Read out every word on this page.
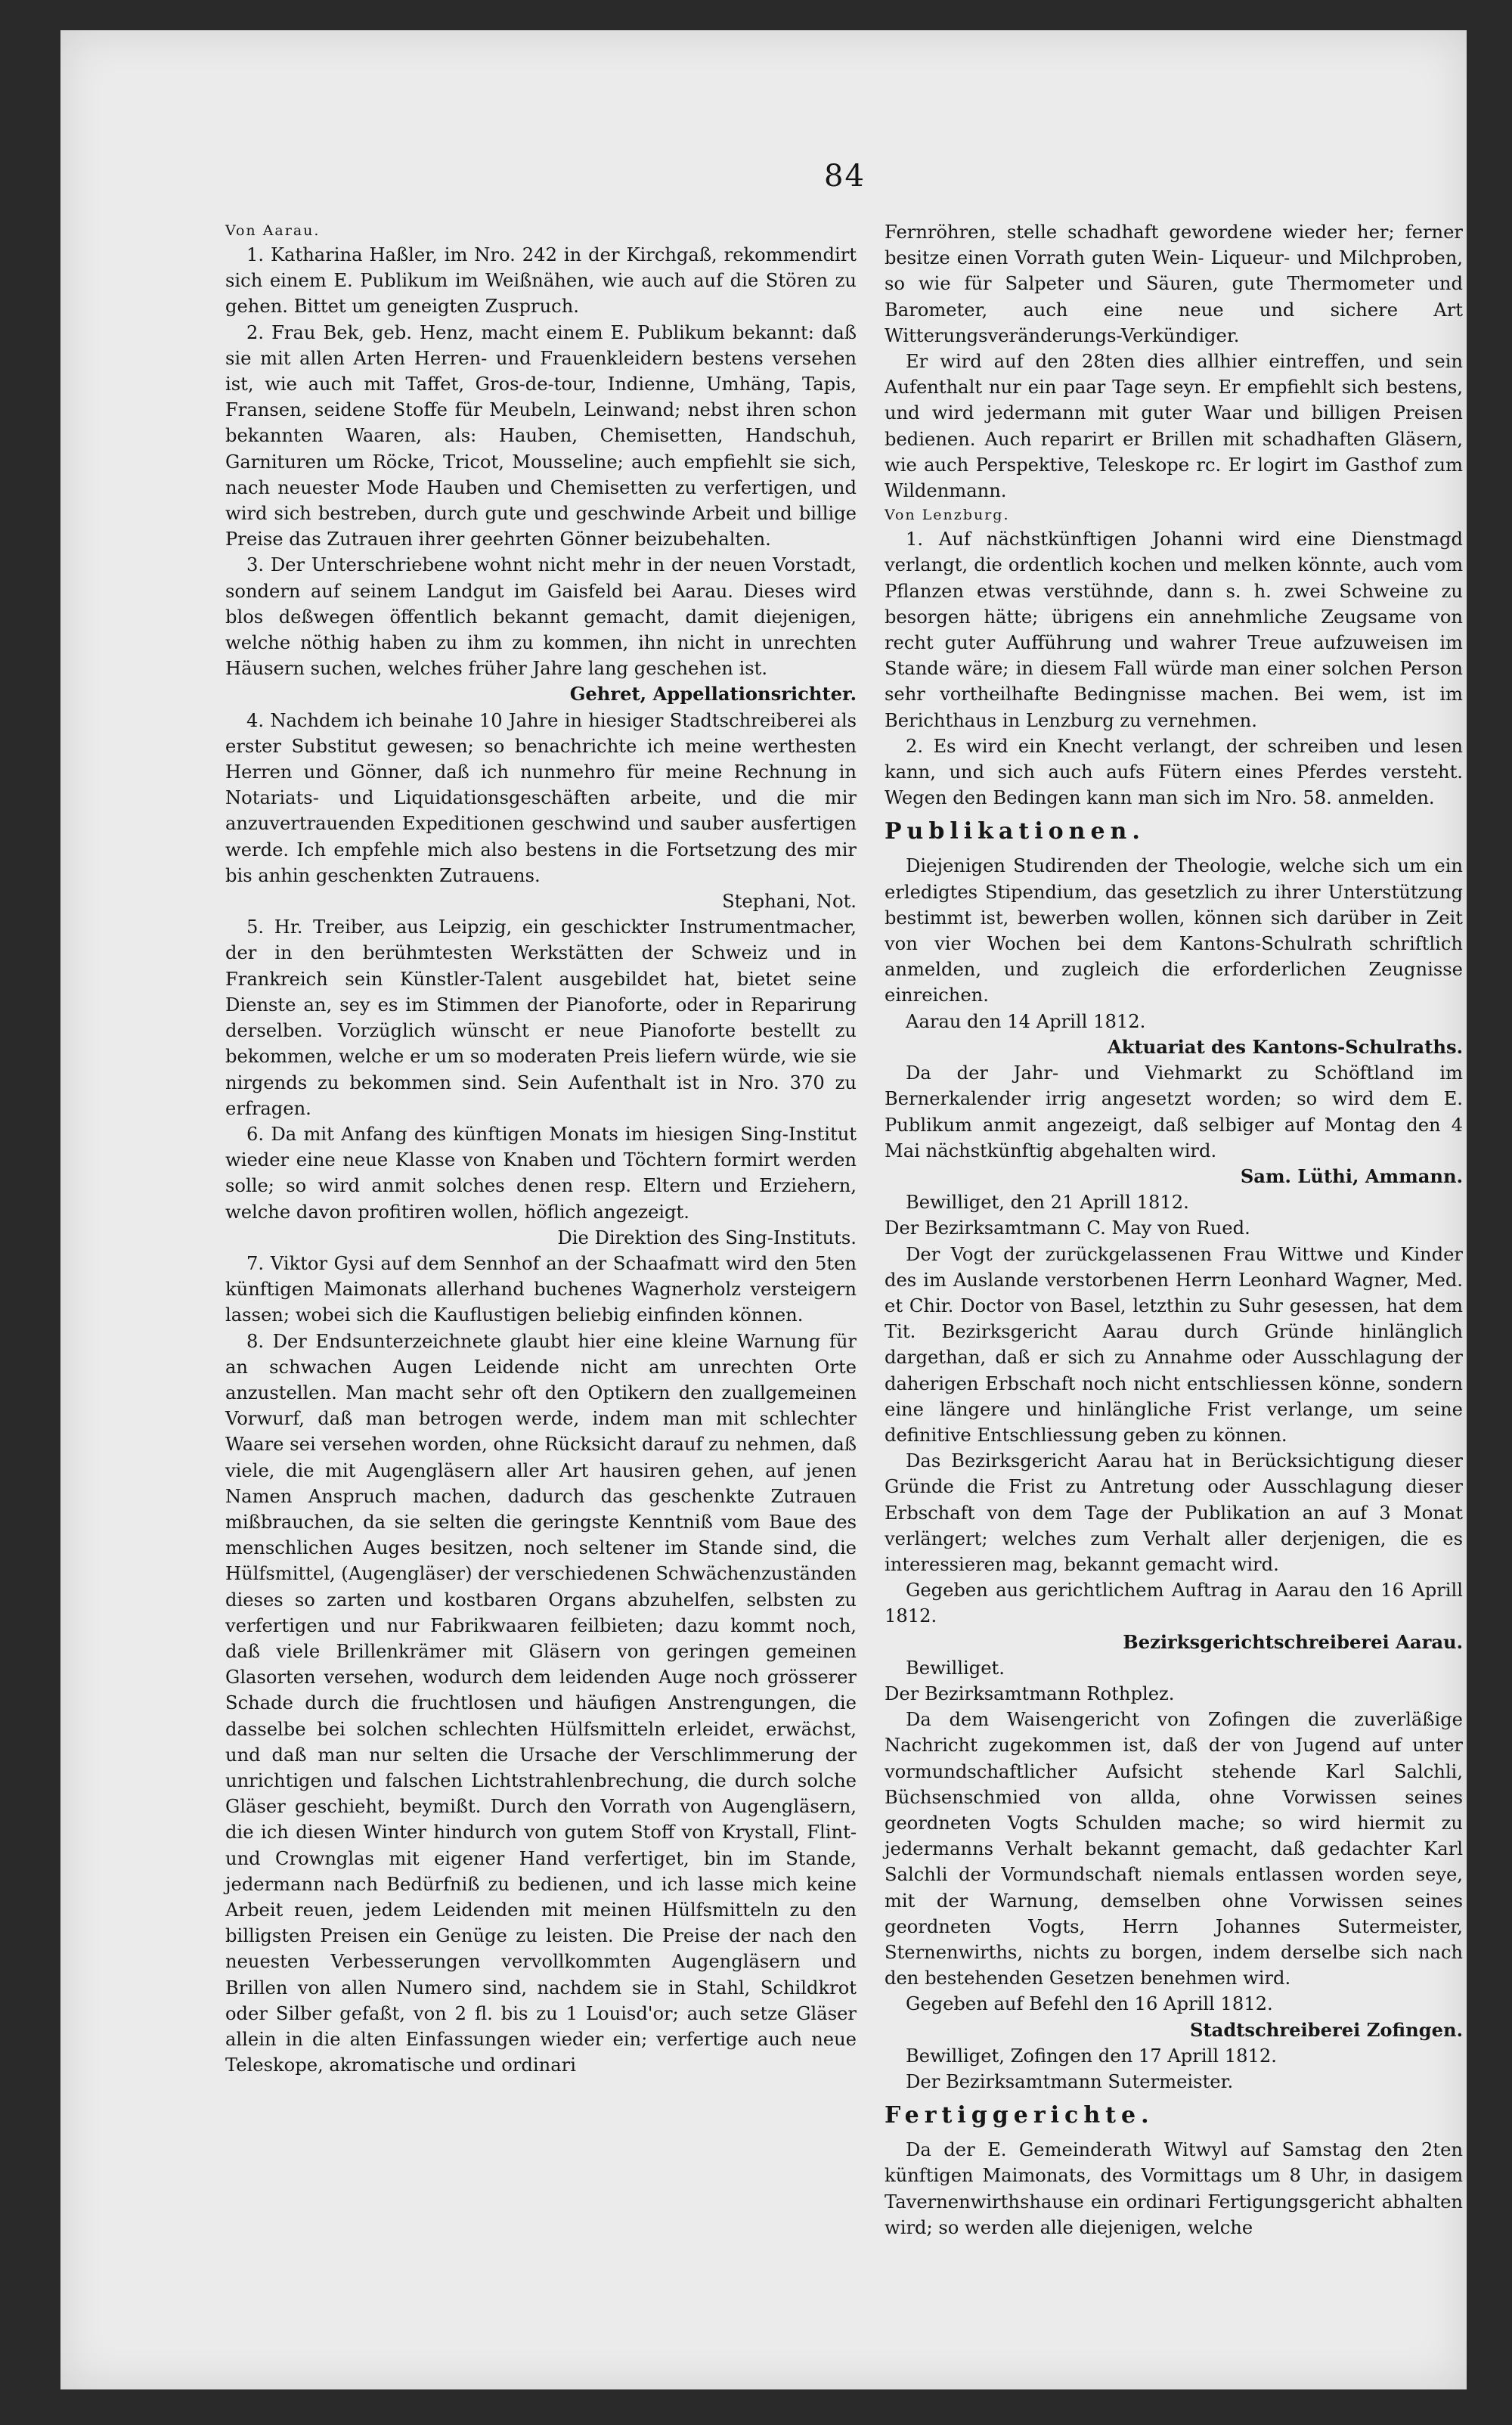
84

Von Aarau.

1. Katharina Haßler, im Nro. 242 in der Kirchgaß, rekommendirt sich einem E. Publikum im Weißnähen, wie auch auf die Stören zu gehen. Bittet um geneigten Zuspruch.

2. Frau Bek, geb. Henz, macht einem E. Publikum bekannt: daß sie mit allen Arten Herren- und Frauenkleidern bestens versehen ist, wie auch mit Taffet, Gros-de-tour, Indienne, Umhäng, Tapis, Fransen, seidene Stoffe für Meubeln, Leinwand; nebst ihren schon bekannten Waaren, als: Hauben, Chemisetten, Handschuh, Garnituren um Röcke, Tricot, Mousseline; auch empfiehlt sie sich, nach neuester Mode Hauben und Chemisetten zu verfertigen, und wird sich bestreben, durch gute und geschwinde Arbeit und billige Preise das Zutrauen ihrer geehrten Gönner beizubehalten.

3. Der Unterschriebene wohnt nicht mehr in der neuen Vorstadt, sondern auf seinem Landgut im Gaisfeld bei Aarau. Dieses wird blos deßwegen öffentlich bekannt gemacht, damit diejenigen, welche nöthig haben zu ihm zu kommen, ihn nicht in unrechten Häusern suchen, welches früher Jahre lang geschehen ist.

Gehret, Appellationsrichter.

4. Nachdem ich beinahe 10 Jahre in hiesiger Stadtschreiberei als erster Substitut gewesen; so benachrichte ich meine werthesten Herren und Gönner, daß ich nunmehro für meine Rechnung in Notariats- und Liquidationsgeschäften arbeite, und die mir anzuvertrauenden Expeditionen geschwind und sauber ausfertigen werde. Ich empfehle mich also bestens in die Fortsetzung des mir bis anhin geschenkten Zutrauens.

Stephani, Not.

5. Hr. Treiber, aus Leipzig, ein geschickter Instrumentmacher, der in den berühmtesten Werkstätten der Schweiz und in Frankreich sein Künstler-Talent ausgebildet hat, bietet seine Dienste an, sey es im Stimmen der Pianoforte, oder in Reparirung derselben. Vorzüglich wünscht er neue Pianoforte bestellt zu bekommen, welche er um so moderaten Preis liefern würde, wie sie nirgends zu bekommen sind. Sein Aufenthalt ist in Nro. 370 zu erfragen.

6. Da mit Anfang des künftigen Monats im hiesigen Sing-Institut wieder eine neue Klasse von Knaben und Töchtern formirt werden solle; so wird anmit solches denen resp. Eltern und Erziehern, welche davon profitiren wollen, höflich angezeigt.

Die Direktion des Sing-Instituts.

7. Viktor Gysi auf dem Sennhof an der Schaafmatt wird den 5ten künftigen Maimonats allerhand buchenes Wagnerholz versteigern lassen; wobei sich die Kauflustigen beliebig einfinden können.

8. Der Endsunterzeichnete glaubt hier eine kleine Warnung für an schwachen Augen Leidende nicht am unrechten Orte anzustellen. Man macht sehr oft den Optikern den zuallgemeinen Vorwurf, daß man betrogen werde, indem man mit schlechter Waare sei versehen worden, ohne Rücksicht darauf zu nehmen, daß viele, die mit Augengläsern aller Art hausiren gehen, auf jenen Namen Anspruch machen, dadurch das geschenkte Zutrauen mißbrauchen, da sie selten die geringste Kenntniß vom Baue des menschlichen Auges besitzen, noch seltener im Stande sind, die Hülfsmittel, (Augengläser) der verschiedenen Schwächenzuständen dieses so zarten und kostbaren Organs abzuhelfen, selbsten zu verfertigen und nur Fabrikwaaren feilbieten; dazu kommt noch, daß viele Brillenkrämer mit Gläsern von geringen gemeinen Glasorten versehen, wodurch dem leidenden Auge noch grösserer Schade durch die fruchtlosen und häufigen Anstrengungen, die dasselbe bei solchen schlechten Hülfsmitteln erleidet, erwächst, und daß man nur selten die Ursache der Verschlimmerung der unrichtigen und falschen Lichtstrahlenbrechung, die durch solche Gläser geschieht, beymißt. Durch den Vorrath von Augengläsern, die ich diesen Winter hindurch von gutem Stoff von Krystall, Flint- und Crownglas mit eigener Hand verfertiget, bin im Stande, jedermann nach Bedürfniß zu bedienen, und ich lasse mich keine Arbeit reuen, jedem Leidenden mit meinen Hülfsmitteln zu den billigsten Preisen ein Genüge zu leisten. Die Preise der nach den neuesten Verbesserungen vervollkommten Augengläsern und Brillen von allen Numero sind, nachdem sie in Stahl, Schildkrot oder Silber gefaßt, von 2 fl. bis zu 1 Louisd'or; auch setze Gläser allein in die alten Einfassungen wieder ein; verfertige auch neue Teleskope, akromatische und ordinari

Fernröhren, stelle schadhaft gewordene wieder her; ferner besitze einen Vorrath guten Wein- Liqueur- und Milchproben, so wie für Salpeter und Säuren, gute Thermometer und Barometer, auch eine neue und sichere Art Witterungsveränderungs-Verkündiger.

Er wird auf den 28ten dies allhier eintreffen, und sein Aufenthalt nur ein paar Tage seyn. Er empfiehlt sich bestens, und wird jedermann mit guter Waar und billigen Preisen bedienen. Auch reparirt er Brillen mit schadhaften Gläsern, wie auch Perspektive, Teleskope rc. Er logirt im Gasthof zum Wildenmann.

Von Lenzburg.

1. Auf nächstkünftigen Johanni wird eine Dienstmagd verlangt, die ordentlich kochen und melken könnte, auch vom Pflanzen etwas verstühnde, dann s. h. zwei Schweine zu besorgen hätte; übrigens ein annehmliche Zeugsame von recht guter Aufführung und wahrer Treue aufzuweisen im Stande wäre; in diesem Fall würde man einer solchen Person sehr vortheilhafte Bedingnisse machen. Bei wem, ist im Berichthaus in Lenzburg zu vernehmen.

2. Es wird ein Knecht verlangt, der schreiben und lesen kann, und sich auch aufs Fütern eines Pferdes versteht. Wegen den Bedingen kann man sich im Nro. 58. anmelden.

Publikationen.

Diejenigen Studirenden der Theologie, welche sich um ein erledigtes Stipendium, das gesetzlich zu ihrer Unterstützung bestimmt ist, bewerben wollen, können sich darüber in Zeit von vier Wochen bei dem Kantons-Schulrath schriftlich anmelden, und zugleich die erforderlichen Zeugnisse einreichen.

Aarau den 14 Aprill 1812.

Aktuariat des Kantons-Schulraths.

Da der Jahr- und Viehmarkt zu Schöftland im Bernerkalender irrig angesetzt worden; so wird dem E. Publikum anmit angezeigt, daß selbiger auf Montag den 4 Mai nächstkünftig abgehalten wird.

Sam. Lüthi, Ammann.

Bewilliget, den 21 Aprill 1812.

Der Bezirksamtmann C. May von Rued.

Der Vogt der zurückgelassenen Frau Wittwe und Kinder des im Auslande verstorbenen Herrn Leonhard Wagner, Med. et Chir. Doctor von Basel, letzthin zu Suhr gesessen, hat dem Tit. Bezirksgericht Aarau durch Gründe hinlänglich dargethan, daß er sich zu Annahme oder Ausschlagung der daherigen Erbschaft noch nicht entschliessen könne, sondern eine längere und hinlängliche Frist verlange, um seine definitive Entschliessung geben zu können.

Das Bezirksgericht Aarau hat in Berücksichtigung dieser Gründe die Frist zu Antretung oder Ausschlagung dieser Erbschaft von dem Tage der Publikation an auf 3 Monat verlängert; welches zum Verhalt aller derjenigen, die es interessieren mag, bekannt gemacht wird.

Gegeben aus gerichtlichem Auftrag in Aarau den 16 Aprill 1812.

Bezirksgerichtschreiberei Aarau.

Bewilliget.

Der Bezirksamtmann Rothplez.

Da dem Waisengericht von Zofingen die zuverläßige Nachricht zugekommen ist, daß der von Jugend auf unter vormundschaftlicher Aufsicht stehende Karl Salchli, Büchsenschmied von allda, ohne Vorwissen seines geordneten Vogts Schulden mache; so wird hiermit zu jedermanns Verhalt bekannt gemacht, daß gedachter Karl Salchli der Vormundschaft niemals entlassen worden seye, mit der Warnung, demselben ohne Vorwissen seines geordneten Vogts, Herrn Johannes Sutermeister, Sternenwirths, nichts zu borgen, indem derselbe sich nach den bestehenden Gesetzen benehmen wird.

Gegeben auf Befehl den 16 Aprill 1812.

Stadtschreiberei Zofingen.

Bewilliget, Zofingen den 17 Aprill 1812.

Der Bezirksamtmann Sutermeister.

Fertiggerichte.

Da der E. Gemeinderath Witwyl auf Samstag den 2ten künftigen Maimonats, des Vormittags um 8 Uhr, in dasigem Tavernenwirthshause ein ordinari Fertigungsgericht abhalten wird; so werden alle diejenigen, welche
